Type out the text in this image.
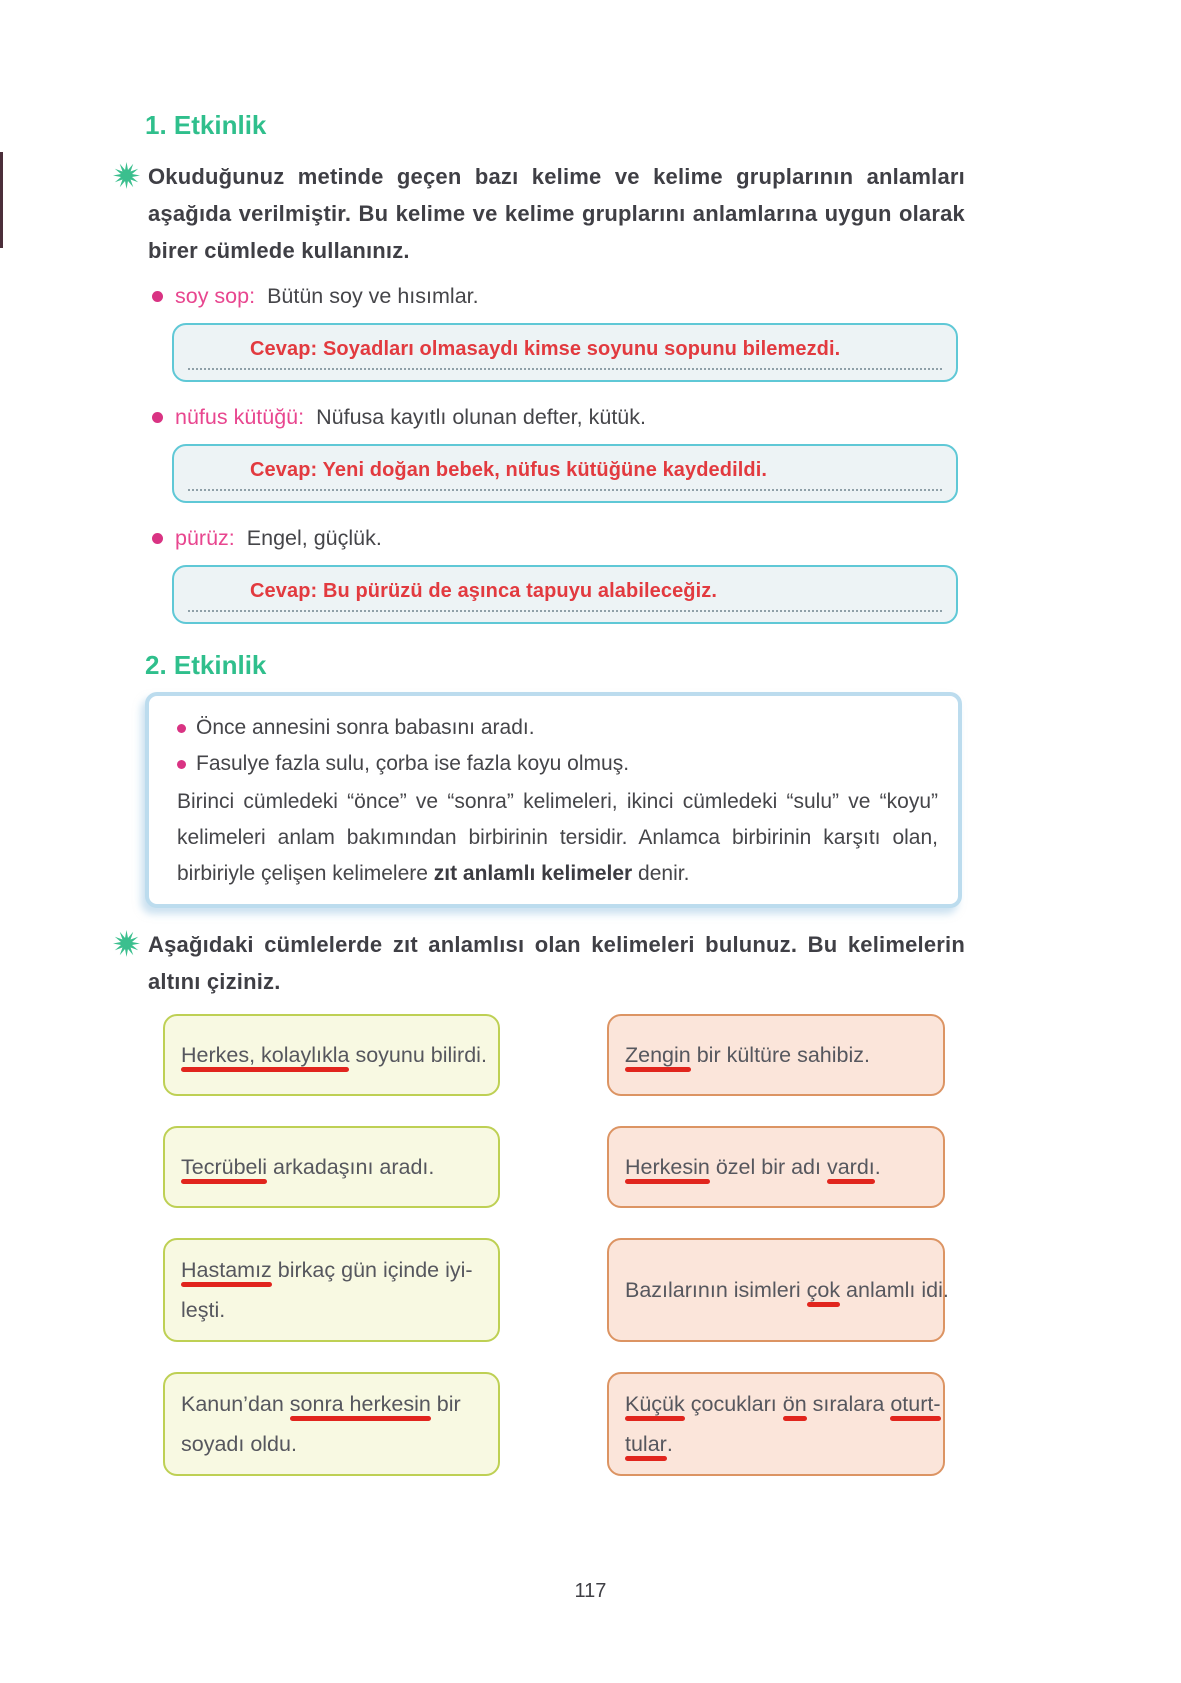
1. Etkinlik
Okuduğunuz metinde geçen bazı kelime ve kelime gruplarının anlamları aşağıda verilmiştir. Bu kelime ve kelime gruplarını anlamlarına uygun olarak birer cümlede kullanınız.
soy sop: Bütün soy ve hısımlar.
Cevap: Soyadları olmasaydı kimse soyunu sopunu bilemezdi.
nüfus kütüğü: Nüfusa kayıtlı olunan defter, kütük.
Cevap: Yeni doğan bebek, nüfus kütüğüne kaydedildi.
pürüz: Engel, güçlük.
Cevap: Bu pürüzü de aşınca tapuyu alabileceğiz.
2. Etkinlik
Önce annesini sonra babasını aradı.
Fasulye fazla sulu, çorba ise fazla koyu olmuş.

Birinci cümledeki “önce” ve “sonra” kelimeleri, ikinci cümledeki “sulu” ve “koyu” kelimeleri anlam bakımından birbirinin tersidir. Anlamca birbirinin karşıtı olan, birbiriyle çelişen kelimelere zıt anlamlı kelimeler denir.

Aşağıdaki cümlelerde zıt anlamlısı olan kelimeleri bulunuz. Bu kelimelerin altını çiziniz.
Herkes, kolaylıkla soyunu bilirdi.	Zengin bir kültüre sahibiz.
Tecrübeli arkadaşını aradı.	Herkesin özel bir adı vardı.
Hastamız birkaç gün içinde iyi-
leşti.
Bazılarının isimleri çok anlamlı idi.
Kanun’dan sonra herkesin bir
soyadı oldu.
Küçük çocukları ön sıralara oturt-
tular.
117
